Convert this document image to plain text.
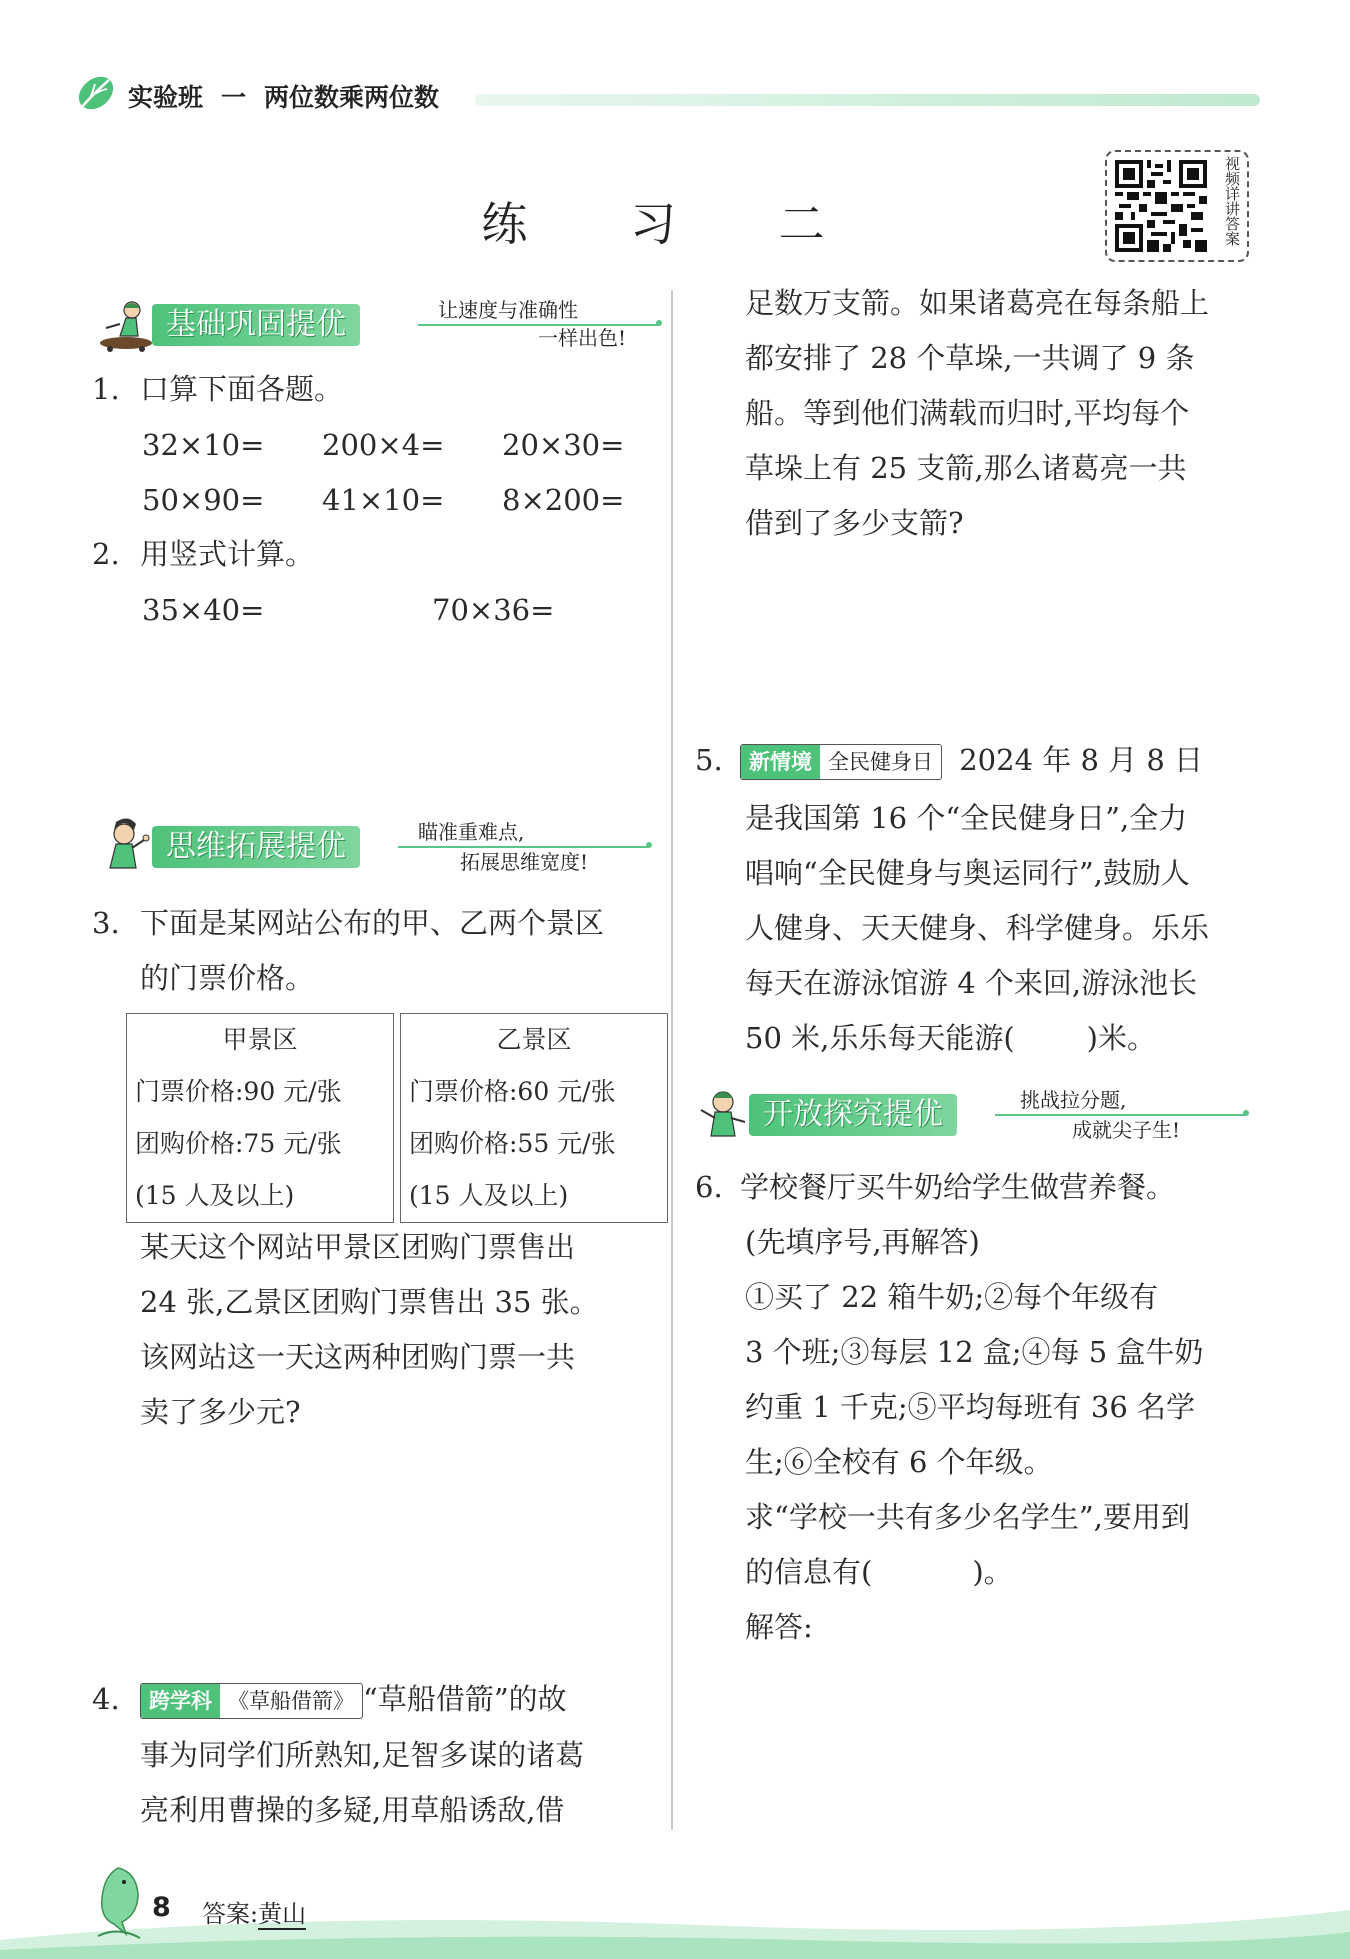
实验班 一 两位数乘两位数
练 习 二	视频详讲答案
基础巩固提优	让速度与准确性
一样出色!
1. 口算下面各题。
32×10= 200×4= 20×30=
50×90= 41×10= 8×200=
2. 用竖式计算。
35×40=	70×36=
思维拓展提优	瞄准重难点,
拓展思维宽度!
3. 下面是某网站公布的甲、乙两个景区
的门票价格。
甲景区
门票价格:90 元/张
团购价格:75 元/张
(15 人及以上)

乙景区
门票价格:60 元/张
团购价格:55 元/张
(15 人及以上)
某天这个网站甲景区团购门票售出
24 张,乙景区团购门票售出 35 张。
该网站这一天这两种团购门票一共
卖了多少元?
4.	跨学科 《草船借箭》 “草船借箭”的故
事为同学们所熟知,足智多谋的诸葛
亮利用曹操的多疑,用草船诱敌,借
足数万支箭。如果诸葛亮在每条船上
都安排了 28 个草垛,一共调了 9 条
船。等到他们满载而归时,平均每个
草垛上有 25 支箭,那么诸葛亮一共
借到了多少支箭?
5.	新情境 全民健身日 2024 年 8 月 8 日
是我国第 16 个“全民健身日”,全力
唱响“全民健身与奥运同行”,鼓励人
人健身、天天健身、科学健身。乐乐
每天在游泳馆游 4 个来回,游泳池长
50 米,乐乐每天能游( )米。
开放探究提优	挑战拉分题,
成就尖子生!
6. 学校餐厅买牛奶给学生做营养餐。
(先填序号,再解答)
①买了 22 箱牛奶;②每个年级有
3 个班;③每层 12 盒;④每 5 盒牛奶
约重 1 千克;⑤平均每班有 36 名学
生;⑥全校有 6 个年级。
求“学校一共有多少名学生”,要用到
的信息有(	)。
解答:
8 答案:黄山
